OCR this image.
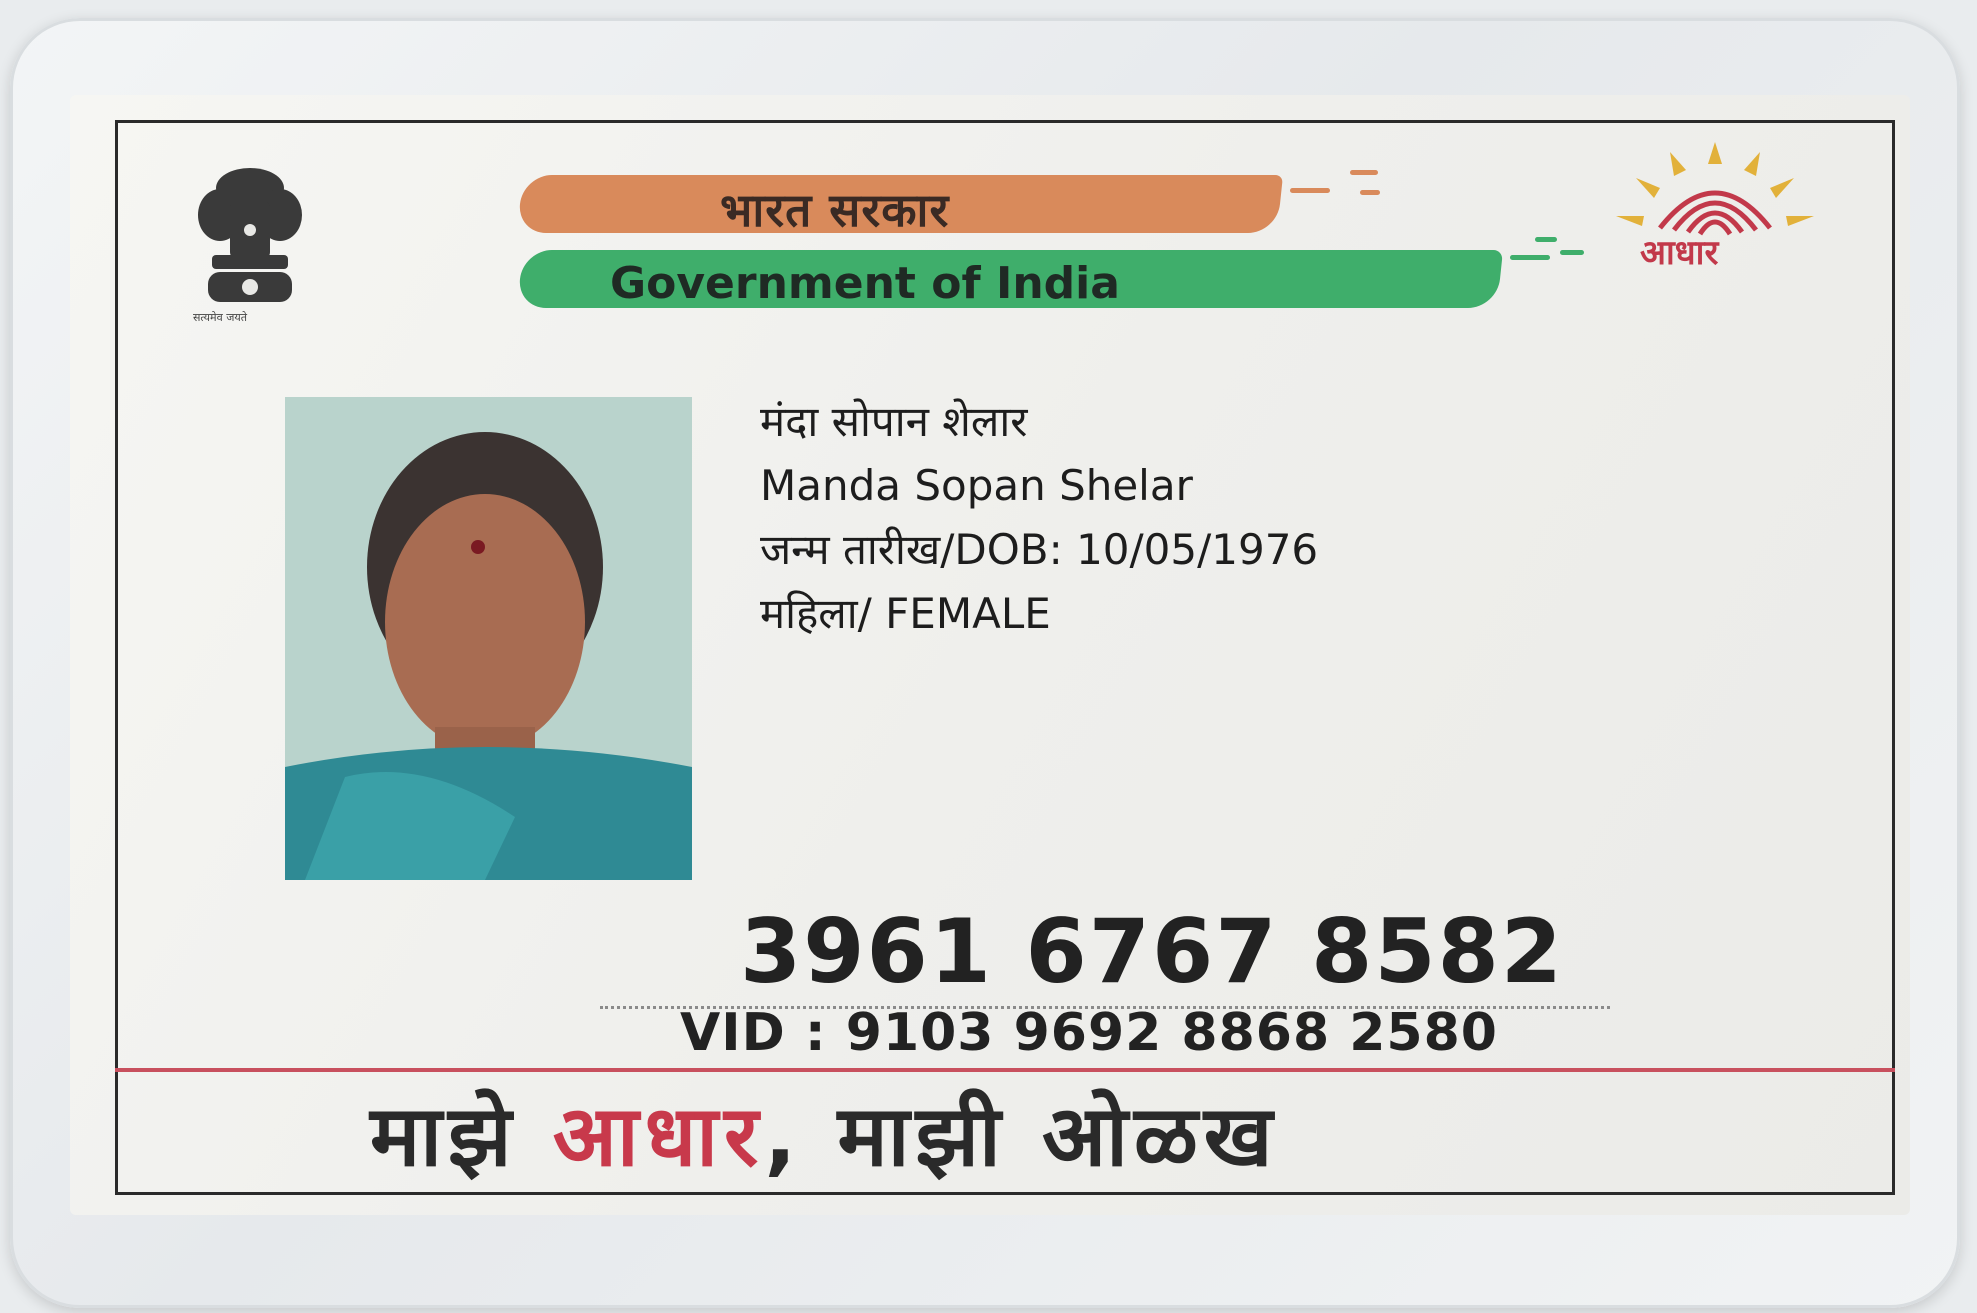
सत्यमेव जयते
भारत सरकार
Government of India
आधार
मंदा सोपान शेलार
Manda Sopan Shelar
जन्म तारीख/DOB: 10/05/1976
महिला/ FEMALE
3961 6767 8582
VID : 9103 9692 8868 2580
माझे आधार, माझी ओळख
